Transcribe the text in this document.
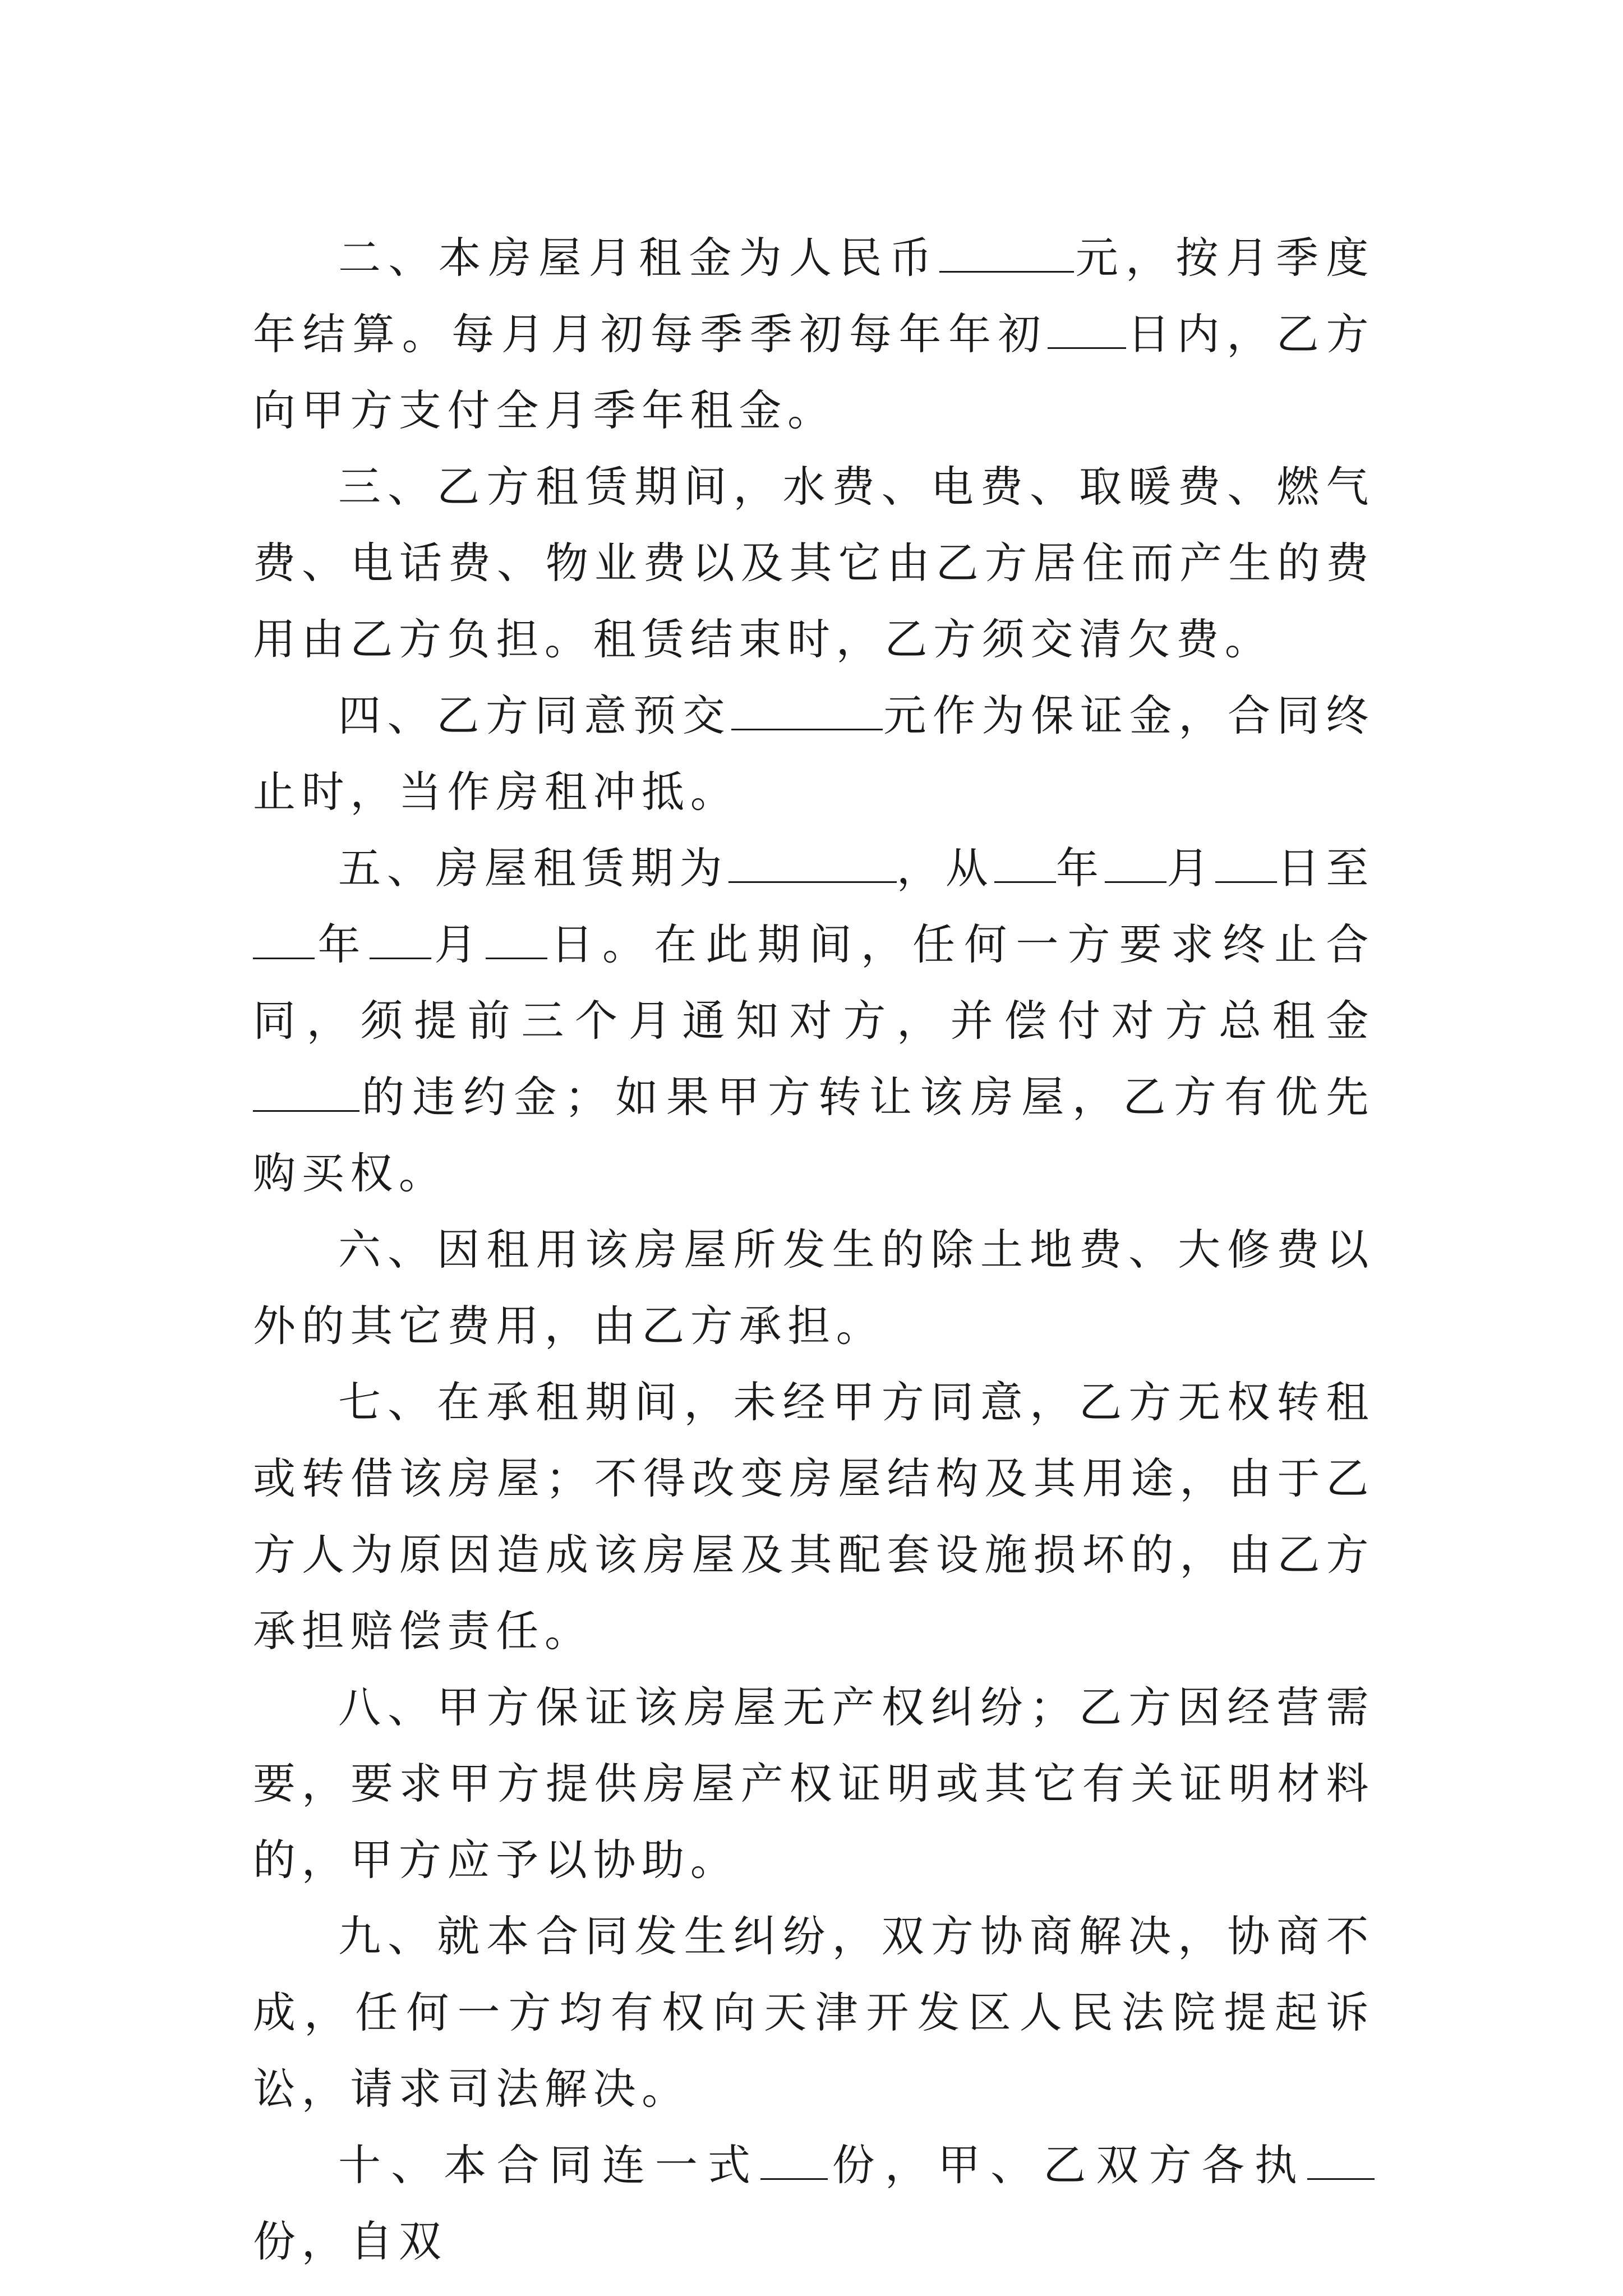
二、本房屋月租金为人民币	元，按月季度年结算。每月月初每季季初每年年初 日内，乙方向甲方支付全月季年租金。

三、乙方租赁期间，水费、电费、取暖费、燃气费、电话费、物业费以及其它由乙方居住而产生的费用由乙方负担。租赁结束时，乙方须交清欠费。

四、乙方同意预交	元作为保证金，合同终止时，当作房租冲抵。

五、房屋租赁期为	，从 年 月 日至年 月 日。在此期间，任何一方要求终止合同，须提前三个月通知对方，并偿付对方总租金的违约金；如果甲方转让该房屋，乙方有优先购买权。

六、因租用该房屋所发生的除土地费、大修费以外的其它费用，由乙方承担。

七、在承租期间，未经甲方同意，乙方无权转租或转借该房屋；不得改变房屋结构及其用途，由于乙方人为原因造成该房屋及其配套设施损坏的，由乙方承担赔偿责任。

八、甲方保证该房屋无产权纠纷；乙方因经营需要，要求甲方提供房屋产权证明或其它有关证明材料的，甲方应予以协助。

九、就本合同发生纠纷，双方协商解决，协商不成，任何一方均有权向天津开发区人民法院提起诉讼，请求司法解决。

十、本合同连一式 份，甲、乙双方各执份，自双
